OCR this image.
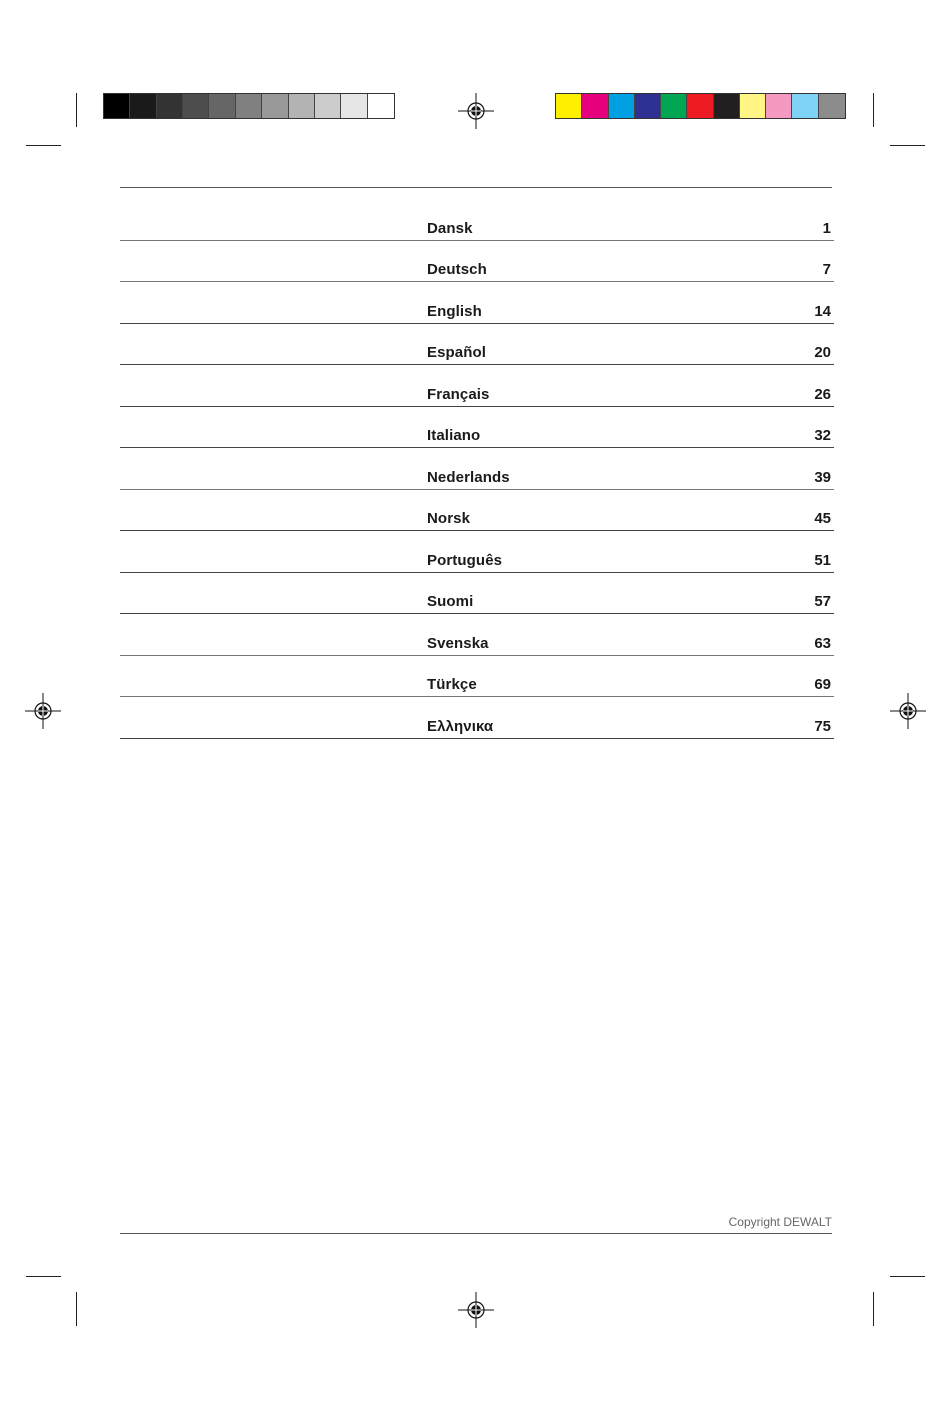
Dansk	1
Deutsch	7
English	14
Español	20
Français	26
Italiano	32
Nederlands	39
Norsk	45
Português	51
Suomi	57
Svenska	63
Türkçe	69
Ελληνικα	75
Copyright DEWALT
